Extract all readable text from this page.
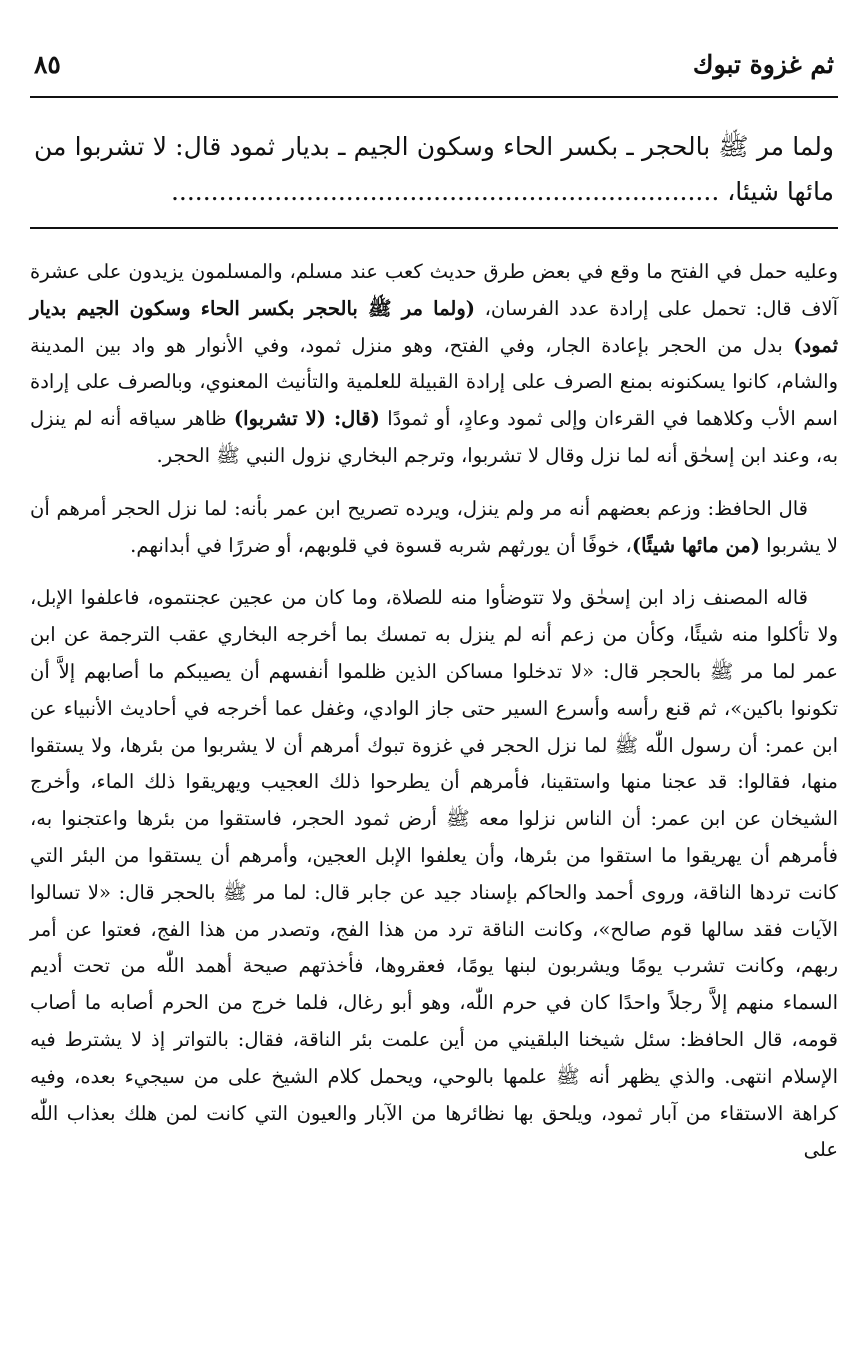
ثم غزوة تبوك
٨٥
ولما مر ﷺ بالحجر ـ بكسر الحاء وسكون الجيم ـ بديار ثمود قال: لا تشربوا من مائها شيئا، .....................................................................

وعليه حمل في الفتح ما وقع في بعض طرق حديث كعب عند مسلم، والمسلمون يزيدون على عشرة آلاف قال: تحمل على إرادة عدد الفرسان، (ولما مر ﷺ بالحجر بكسر الحاء وسكون الجيم بديار ثمود) بدل من الحجر بإعادة الجار، وفي الفتح، وهو منزل ثمود، وفي الأنوار هو واد بين المدينة والشام، كانوا يسكنونه بمنع الصرف على إرادة القبيلة للعلمية والتأنيث المعنوي، وبالصرف على إرادة اسم الأب وكلاهما في القرءان وإلى ثمود وعادٍ، أو ثمودًا (قال: (لا تشربوا) ظاهر سياقه أنه لم ينزل به، وعند ابن إسحٰق أنه لما نزل وقال لا تشربوا، وترجم البخاري نزول النبي ﷺ الحجر.

قال الحافظ: وزعم بعضهم أنه مر ولم ينزل، ويرده تصريح ابن عمر بأنه: لما نزل الحجر أمرهم أن لا يشربوا (من مائها شيئًا)، خوفًا أن يورثهم شربه قسوة في قلوبهم، أو ضررًا في أبدانهم.

قاله المصنف زاد ابن إسحٰق ولا تتوضأوا منه للصلاة، وما كان من عجين عجنتموه، فاعلفوا الإبل، ولا تأكلوا منه شيئًا، وكأن من زعم أنه لم ينزل به تمسك بما أخرجه البخاري عقب الترجمة عن ابن عمر لما مر ﷺ بالحجر قال: «لا تدخلوا مساكن الذين ظلموا أنفسهم أن يصيبكم ما أصابهم إلاَّ أن تكونوا باكين»، ثم قنع رأسه وأسرع السير حتى جاز الوادي، وغفل عما أخرجه في أحاديث الأنبياء عن ابن عمر: أن رسول اللّٰه ﷺ لما نزل الحجر في غزوة تبوك أمرهم أن لا يشربوا من بئرها، ولا يستقوا منها، فقالوا: قد عجنا منها واستقينا، فأمرهم أن يطرحوا ذلك العجيب ويهريقوا ذلك الماء، وأخرج الشيخان عن ابن عمر: أن الناس نزلوا معه ﷺ أرض ثمود الحجر، فاستقوا من بئرها واعتجنوا به، فأمرهم أن يهريقوا ما استقوا من بئرها، وأن يعلفوا الإبل العجين، وأمرهم أن يستقوا من البئر التي كانت تردها الناقة، وروى أحمد والحاكم بإسناد جيد عن جابر قال: لما مر ﷺ بالحجر قال: «لا تسالوا الآيات فقد سالها قوم صالح»، وكانت الناقة ترد من هذا الفج، وتصدر من هذا الفج، فعتوا عن أمر ربهم، وكانت تشرب يومًا ويشربون لبنها يومًا، فعقروها، فأخذتهم صيحة أهمد اللّٰه من تحت أديم السماء منهم إلاَّ رجلاً واحدًا كان في حرم اللّٰه، وهو أبو رغال، فلما خرج من الحرم أصابه ما أصاب قومه، قال الحافظ: سئل شيخنا البلقيني من أين علمت بئر الناقة، فقال: بالتواتر إذ لا يشترط فيه الإسلام انتهى. والذي يظهر أنه ﷺ علمها بالوحي، ويحمل كلام الشيخ على من سيجيء بعده، وفيه كراهة الاستقاء من آبار ثمود، ويلحق بها نظائرها من الآبار والعيون التي كانت لمن هلك بعذاب اللّٰه على
